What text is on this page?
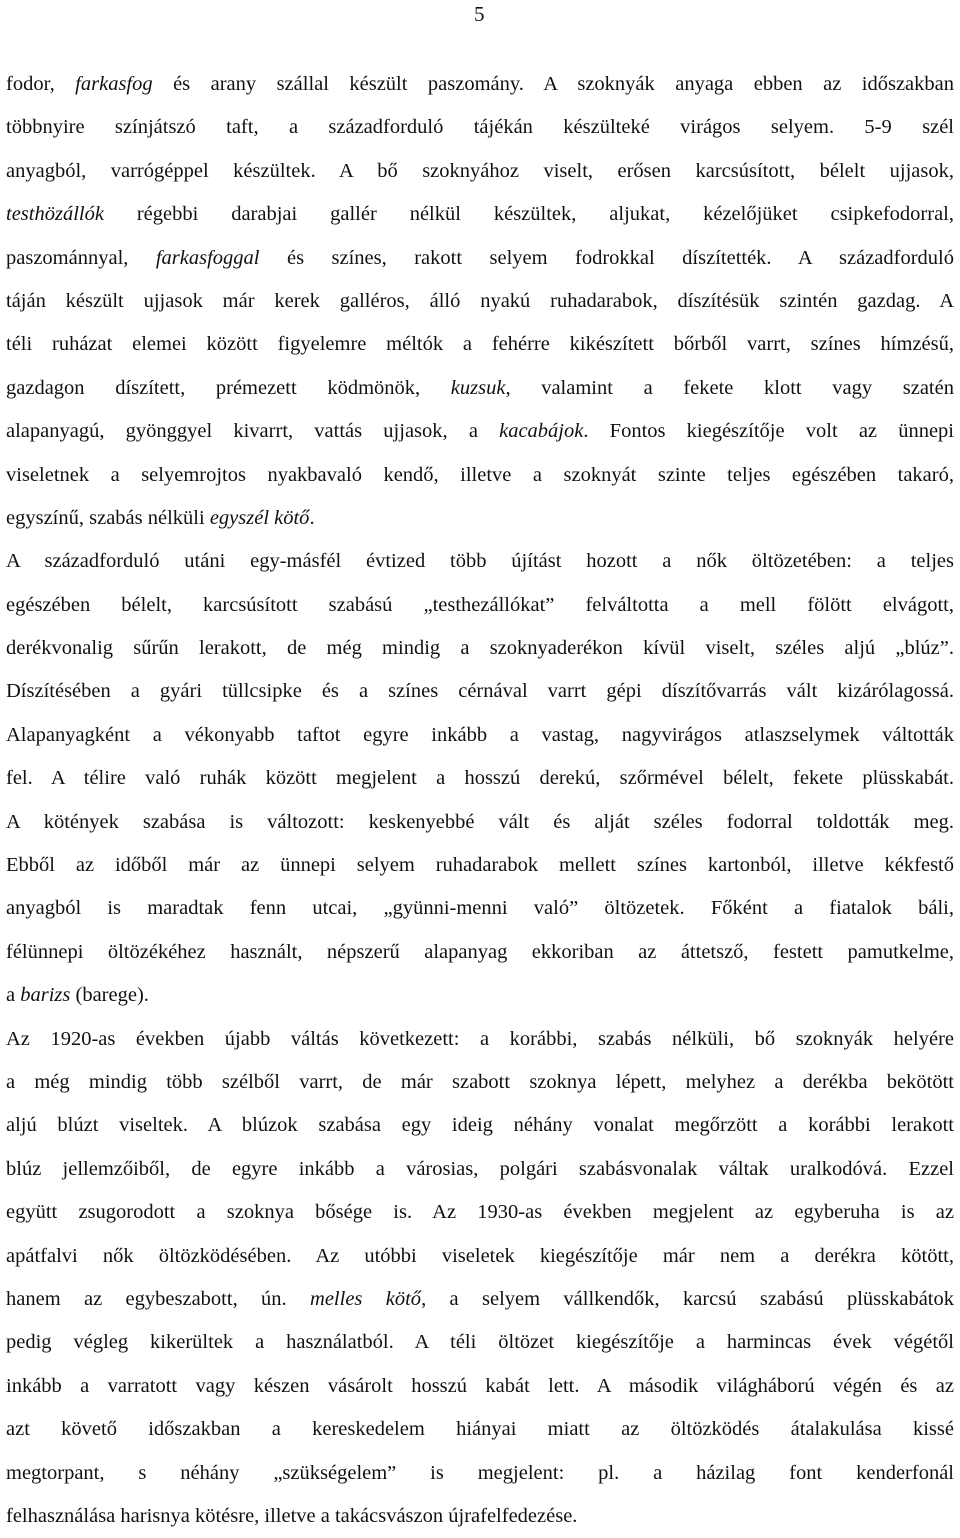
5
fodor, farkasfog és arany szállal készült paszomány. A szoknyák anyaga ebben az időszakban
többnyire színjátszó taft, a századforduló tájékán készülteké virágos selyem. 5-9 szél
anyagból, varrógéppel készültek. A bő szoknyához viselt, erősen karcsúsított, bélelt ujjasok,
testhözállók régebbi darabjai gallér nélkül készültek, aljukat, kézelőjüket csipkefodorral,
paszománnyal, farkasfoggal és színes, rakott selyem fodrokkal díszítették. A századforduló
táján készült ujjasok már kerek galléros, álló nyakú ruhadarabok, díszítésük szintén gazdag. A
téli ruházat elemei között figyelemre méltók a fehérre kikészített bőrből varrt, színes hímzésű,
gazdagon díszített, prémezett ködmönök, kuzsuk, valamint a fekete klott vagy szatén
alapanyagú, gyönggyel kivarrt, vattás ujjasok, a kacabájok. Fontos kiegészítője volt az ünnepi
viseletnek a selyemrojtos nyakbavaló kendő, illetve a szoknyát szinte teljes egészében takaró,
egyszínű, szabás nélküli egyszél kötő.
A századforduló utáni egy-másfél évtized több újítást hozott a nők öltözetében: a teljes
egészében bélelt, karcsúsított szabású „testhezállókat” felváltotta a mell fölött elvágott,
derékvonalig sűrűn lerakott, de még mindig a szoknyaderékon kívül viselt, széles aljú „blúz”.
Díszítésében a gyári tüllcsipke és a színes cérnával varrt gépi díszítővarrás vált kizárólagossá.
Alapanyagként a vékonyabb taftot egyre inkább a vastag, nagyvirágos atlaszselymek váltották
fel. A télire való ruhák között megjelent a hosszú derekú, szőrmével bélelt, fekete plüsskabát.
A kötények szabása is változott: keskenyebbé vált és alját széles fodorral toldották meg.
Ebből az időből már az ünnepi selyem ruhadarabok mellett színes kartonból, illetve kékfestő
anyagból is maradtak fenn utcai, „gyünni-menni való” öltözetek. Főként a fiatalok báli,
félünnepi öltözékéhez használt, népszerű alapanyag ekkoriban az áttetsző, festett pamutkelme,
a barizs (barege).
Az 1920-as években újabb váltás következett: a korábbi, szabás nélküli, bő szoknyák helyére
a még mindig több szélből varrt, de már szabott szoknya lépett, melyhez a derékba bekötött
aljú blúzt viseltek. A blúzok szabása egy ideig néhány vonalat megőrzött a korábbi lerakott
blúz jellemzőiből, de egyre inkább a városias, polgári szabásvonalak váltak uralkodóvá. Ezzel
együtt zsugorodott a szoknya bősége is. Az 1930-as években megjelent az egyberuha is az
apátfalvi nők öltözködésében. Az utóbbi viseletek kiegészítője már nem a derékra kötött,
hanem az egybeszabott, ún. melles kötő, a selyem vállkendők, karcsú szabású plüsskabátok
pedig végleg kikerültek a használatból. A téli öltözet kiegészítője a harmincas évek végétől
inkább a varratott vagy készen vásárolt hosszú kabát lett. A második világháború végén és az
azt követő időszakban a kereskedelem hiányai miatt az öltözködés átalakulása kissé
megtorpant, s néhány „szükségelem” is megjelent: pl. a házilag font kenderfonál
felhasználása harisnya kötésre, illetve a takácsvászon újrafelfedezése.
